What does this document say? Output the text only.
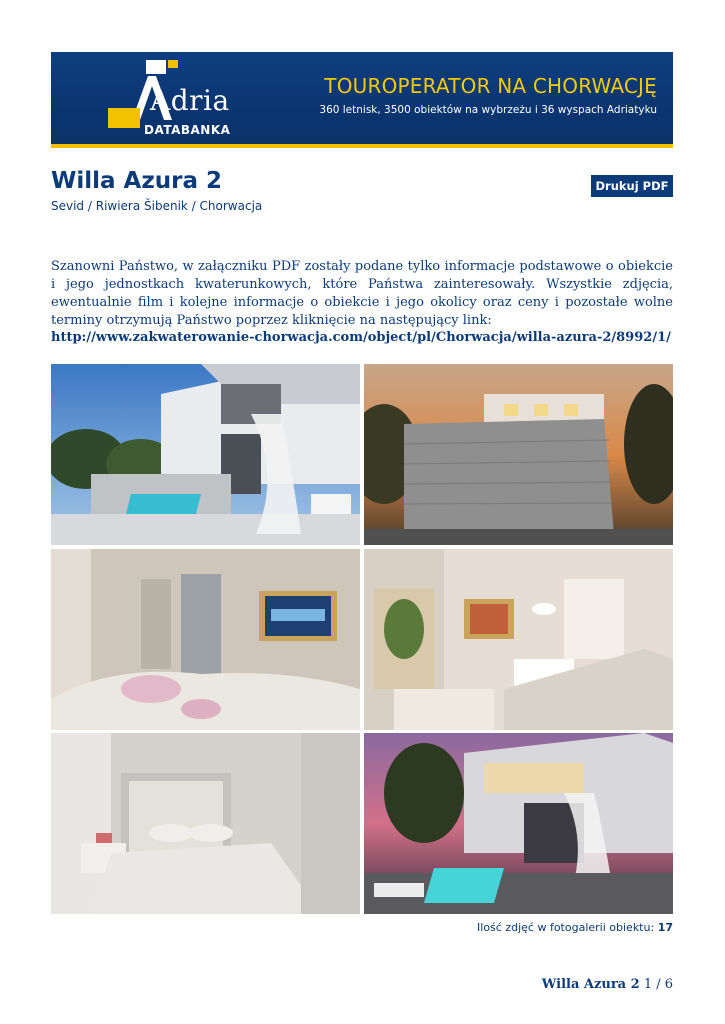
Adria
DATABANKA
TOUROPERATOR NA CHORWACJĘ
360 letnisk, 3500 obiektów na wybrzeżu i 36 wyspach Adriatyku
Willa Azura 2
Sevid / Riwiera Šibenik / Chorwacja
Drukuj PDF
Szanowni Państwo, w załączniku PDF zostały podane tylko informacje podstawowe o obiekcie i jego jednostkach kwaterunkowych, które Państwa zainteresowały. Wszystkie zdjęcia, ewentualnie film i kolejne informacje o obiekcie i jego okolicy oraz ceny i pozostałe wolne terminy otrzymują Państwo poprzez kliknięcie na następujący link:
http://www.zakwaterowanie-chorwacja.com/object/pl/Chorwacja/willa-azura-2/8992/1/
Ilość zdjęć w fotogalerii obiektu: 17
Willa Azura 2 1 / 6
